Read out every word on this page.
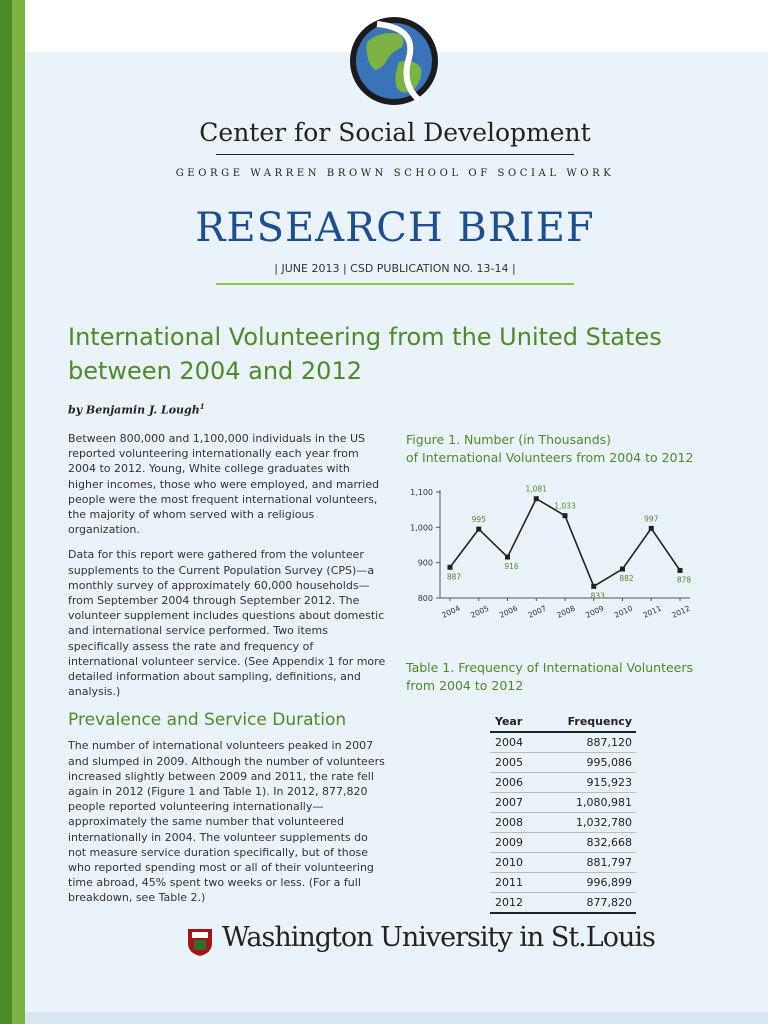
Center for Social Development
GEORGE WARREN BROWN SCHOOL OF SOCIAL WORK
RESEARCH BRIEF
| JUNE 2013 | CSD PUBLICATION NO. 13-14 |
International Volunteering from the United States between 2004 and 2012
by Benjamin J. Lough$^1$

Between 800,000 and 1,100,000 individuals in the US reported volunteering internationally each year from 2004 to 2012. Young, White college graduates with higher incomes, those who were employed, and married people were the most frequent international volunteers, the majority of whom served with a religious organization.

Data for this report were gathered from the volunteer supplements to the Current Population Survey (CPS)—a monthly survey of approximately 60,000 households—from September 2004 through September 2012. The volunteer supplement includes questions about domestic and international service performed. Two items specifically assess the rate and frequency of international volunteer service. (See Appendix 1 for more detailed information about sampling, definitions, and analysis.)

Prevalence and Service Duration

The number of international volunteers peaked in 2007 and slumped in 2009. Although the number of volunteers increased slightly between 2009 and 2011, the rate fell again in 2012 (Figure 1 and Table 1). In 2012, 877,820 people reported volunteering internationally—approximately the same number that volunteered internationally in 2004. The volunteer supplements do not measure service duration specifically, but of those who reported spending most or all of their volunteering time abroad, 45% spent two weeks or less. (For a full breakdown, see Table 2.)

Figure 1. Number (in Thousands)
of International Volunteers from 2004 to 2012
800
900
1,000
1,100
887
2004
995
2005
916
2006
1,081
2007
1,033
2008
833
2009
882
2010
997
2011
878
2012
Table 1. Frequency of International Volunteers
from 2004 to 2012
Year	Frequency
2004	887,120
2005	995,086
2006	915,923
2007	1,080,981
2008	1,032,780
2009	832,668
2010	881,797
2011	996,899
2012	877,820
Washington University in St.Louis
